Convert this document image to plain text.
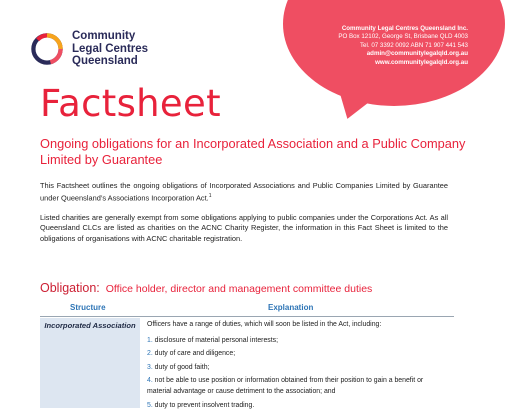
Community Legal Centres Queensland Inc.
PO Box 12102, George St, Brisbane QLD 4003
Tel. 07 3392 0092 ABN 71 907 441 543
admin@communitylegalqld.org.au
www.communitylegalqld.org.au
Community
Legal Centres
Queensland
Factsheet
Ongoing obligations for an Incorporated Association and a Public Company Limited by Guarantee
This Factsheet outlines the ongoing obligations of Incorporated Associations and Public Companies Limited by Guarantee under Queensland’s Associations Incorporation Act.$^1$
Listed charities are generally exempt from some obligations applying to public companies under the Corporations Act. As all Queensland CLCs are listed as charities on the ACNC Charity Register, the information in this Fact Sheet is limited to the obligations of organisations with ACNC charitable registration.
Obligation: Office holder, director and management committee duties
Structure	Explanation
Incorporated Association	Officers have a range of duties, which will soon be listed in the Act, including:
1. disclosure of material personal interests;
2. duty of care and diligence;
3. duty of good faith;
4. not be able to use position or information obtained from their position to gain a benefit or material advantage or cause detriment to the association; and
5. duty to prevent insolvent trading.
